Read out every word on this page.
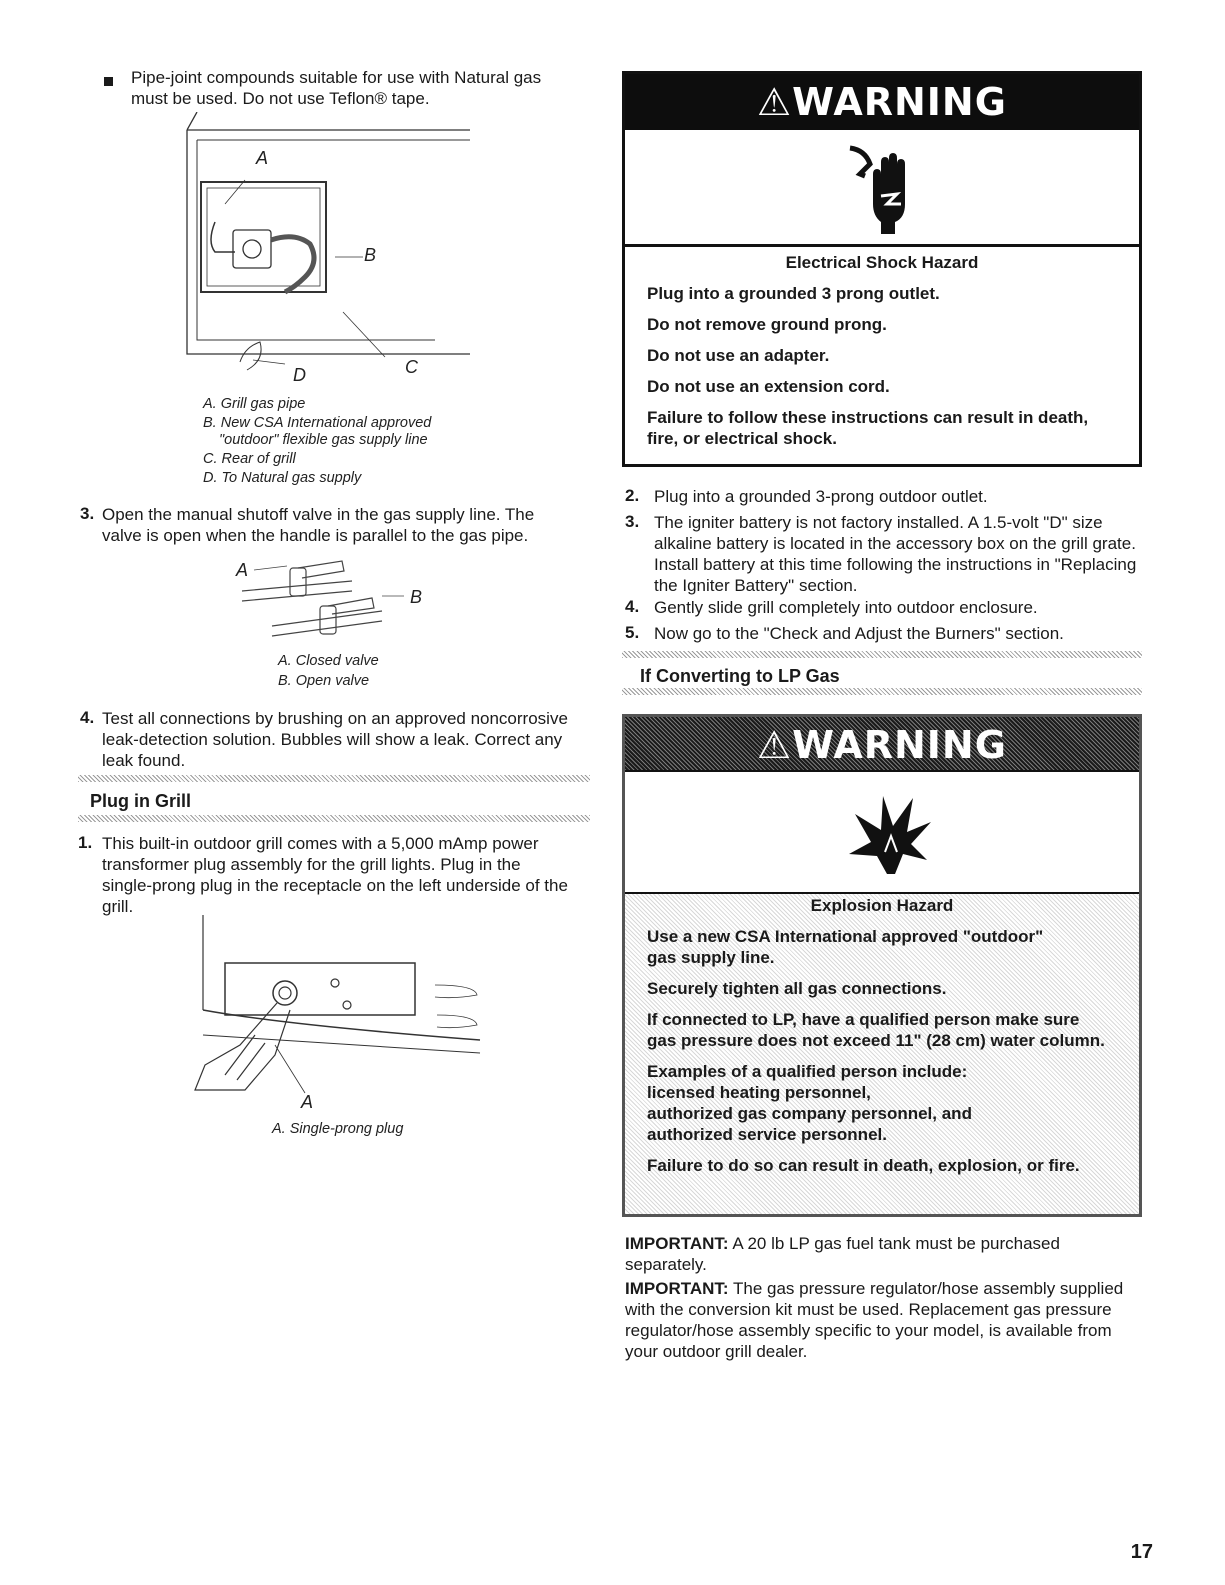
Pipe-joint compounds suitable for use with Natural gas must be used. Do not use Teflon® tape.
A
B
C
D
A. Grill gas pipe
B. New CSA International approved
"outdoor" flexible gas supply line
C. Rear of grill
D. To Natural gas supply
3. Open the manual shutoff valve in the gas supply line. The valve is open when the handle is parallel to the gas pipe.
A
B
A. Closed valve
B. Open valve
4. Test all connections by brushing on an approved noncorrosive leak-detection solution. Bubbles will show a leak. Correct any leak found.
Plug in Grill
1. This built-in outdoor grill comes with a 5,000 mAmp power transformer plug assembly for the grill lights. Plug in the single-prong plug in the receptacle on the left underside of the grill.
A
A. Single-prong plug
⚠WARNING

Electrical Shock Hazard

Plug into a grounded 3 prong outlet.

Do not remove ground prong.

Do not use an adapter.

Do not use an extension cord.

Failure to follow these instructions can result in death, fire, or electrical shock.

2. Plug into a grounded 3-prong outdoor outlet.
3. The igniter battery is not factory installed. A 1.5-volt "D" size alkaline battery is located in the accessory box on the grill grate. Install battery at this time following the instructions in "Replacing the Igniter Battery" section.
4. Gently slide grill completely into outdoor enclosure.
5. Now go to the "Check and Adjust the Burners" section.
If Converting to LP Gas
⚠WARNING

Explosion Hazard

Use a new CSA International approved "outdoor" gas supply line.

Securely tighten all gas connections.

If connected to LP, have a qualified person make sure gas pressure does not exceed 11" (28 cm) water column.

Examples of a qualified person include:
licensed heating personnel,
authorized gas company personnel, and
authorized service personnel.

Failure to do so can result in death, explosion, or fire.

IMPORTANT: A 20 lb LP gas fuel tank must be purchased separately.
IMPORTANT: The gas pressure regulator/hose assembly supplied with the conversion kit must be used. Replacement gas pressure regulator/hose assembly specific to your model, is available from your outdoor grill dealer.
17
